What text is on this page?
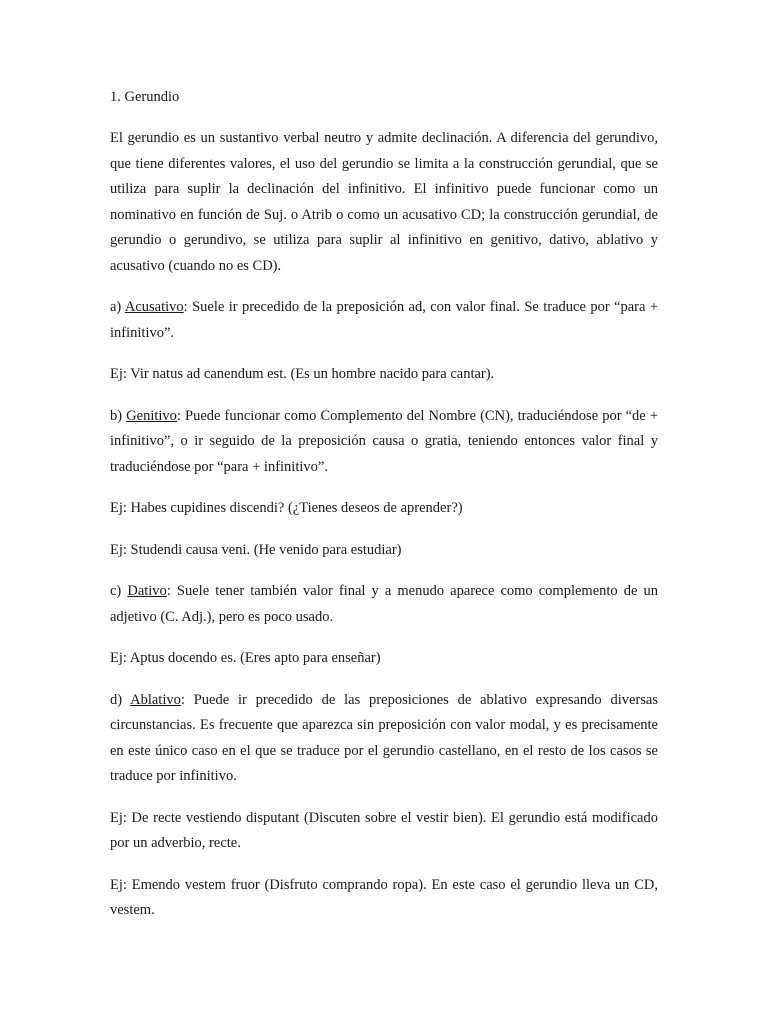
1. Gerundio

El gerundio es un sustantivo verbal neutro y admite declinación. A diferencia del gerundivo, que tiene diferentes valores, el uso del gerundio se limita a la construcción gerundial, que se utiliza para suplir la declinación del infinitivo. El infinitivo puede funcionar como un nominativo en función de Suj. o Atrib o como un acusativo CD; la construcción gerundial, de gerundio o gerundivo, se utiliza para suplir al infinitivo en genitivo, dativo, ablativo y acusativo (cuando no es CD).

a) Acusativo: Suele ir precedido de la preposición ad, con valor final. Se traduce por “para + infinitivo”.

Ej: Vir natus ad canendum est. (Es un hombre nacido para cantar).

b) Genitivo: Puede funcionar como Complemento del Nombre (CN), traduciéndose por “de + infinitivo”, o ir seguido de la preposición causa o gratia, teniendo entonces valor final y traduciéndose por “para + infinitivo”.

Ej: Habes cupidines discendi? (¿Tienes deseos de aprender?)

Ej: Studendi causa veni. (He venido para estudiar)

c) Dativo: Suele tener también valor final y a menudo aparece como complemento de un adjetivo (C. Adj.), pero es poco usado.

Ej: Aptus docendo es. (Eres apto para enseñar)

d) Ablativo: Puede ir precedido de las preposiciones de ablativo expresando diversas circunstancias. Es frecuente que aparezca sin preposición con valor modal, y es precisamente en este único caso en el que se traduce por el gerundio castellano, en el resto de los casos se traduce por infinitivo.

Ej: De recte vestiendo disputant (Discuten sobre el vestir bien). El gerundio está modificado por un adverbio, recte.

Ej: Emendo vestem fruor (Disfruto comprando ropa). En este caso el gerundio lleva un CD, vestem.
